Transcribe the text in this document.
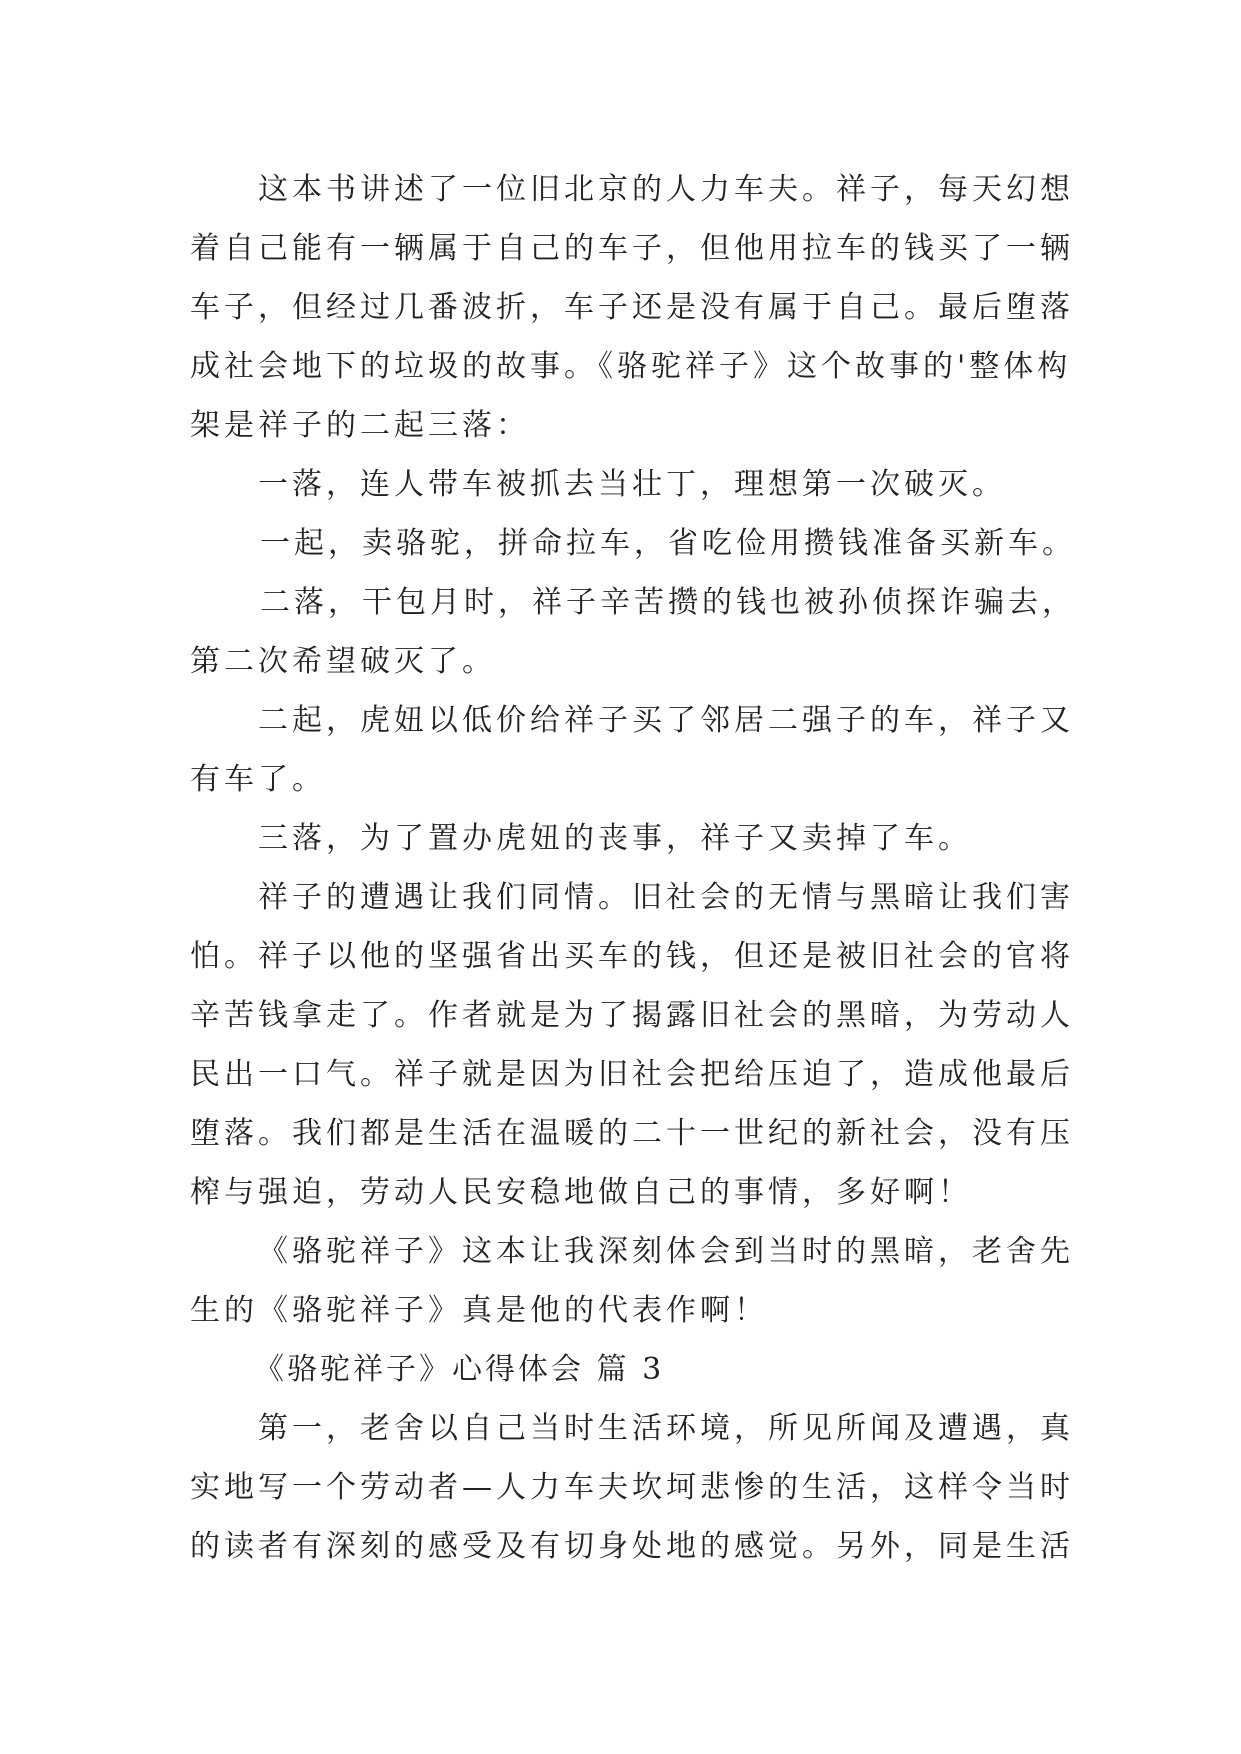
这本书讲述了一位旧北京的人力车夫。祥子，每天幻想
着自己能有一辆属于自己的车子，但他用拉车的钱买了一辆
车子，但经过几番波折，车子还是没有属于自己。最后堕落
成社会地下的垃圾的故事。《骆驼祥子》这个故事的'整体构
架是祥子的二起三落：
一落，连人带车被抓去当壮丁，理想第一次破灭。
一起，卖骆驼，拼命拉车，省吃俭用攒钱准备买新车。
二落，干包月时，祥子辛苦攒的钱也被孙侦探诈骗去，
第二次希望破灭了。
二起，虎妞以低价给祥子买了邻居二强子的车，祥子又
有车了。
三落，为了置办虎妞的丧事，祥子又卖掉了车。
祥子的遭遇让我们同情。旧社会的无情与黑暗让我们害
怕。祥子以他的坚强省出买车的钱，但还是被旧社会的官将
辛苦钱拿走了。作者就是为了揭露旧社会的黑暗，为劳动人
民出一口气。祥子就是因为旧社会把给压迫了，造成他最后
堕落。我们都是生活在温暖的二十一世纪的新社会，没有压
榨与强迫，劳动人民安稳地做自己的事情，多好啊！
《骆驼祥子》这本让我深刻体会到当时的黑暗，老舍先
生的《骆驼祥子》真是他的代表作啊！
《骆驼祥子》心得体会 篇 3
第一，老舍以自己当时生活环境，所见所闻及遭遇，真
实地写一个劳动者—人力车夫坎坷悲惨的生活，这样令当时
的读者有深刻的感受及有切身处地的感觉。另外，同是生活
